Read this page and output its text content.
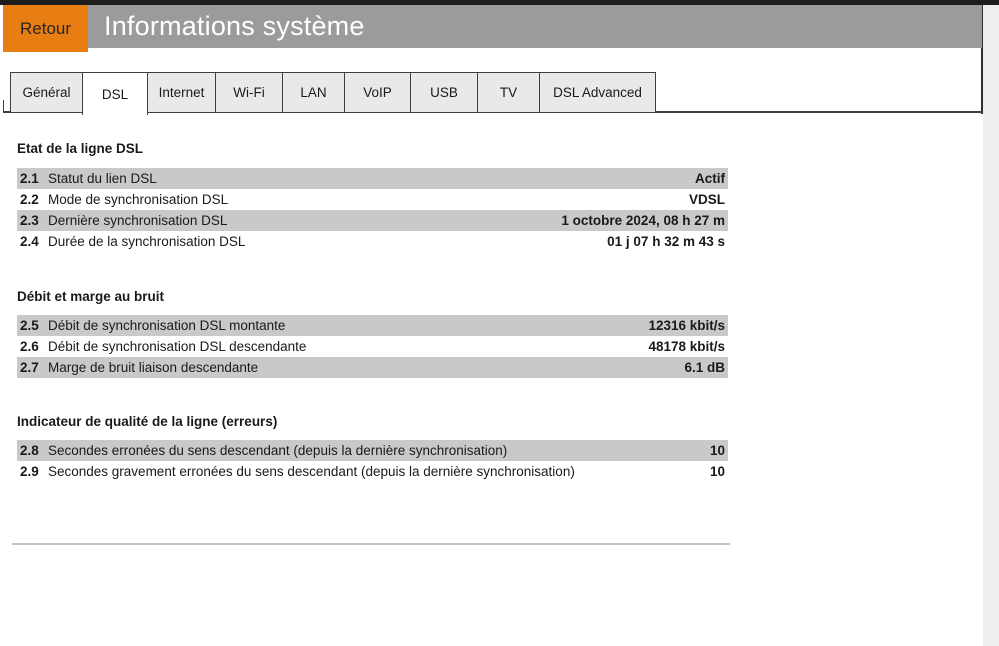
Informations système
Retour
Général	DSL	Internet	Wi-Fi	LAN	VoIP	USB	TV	DSL Advanced
Etat de la ligne DSL
2.1 Statut du lien DSL	Actif
2.2 Mode de synchronisation DSL	VDSL
2.3 Dernière synchronisation DSL	1 octobre 2024, 08 h 27 m
2.4 Durée de la synchronisation DSL	01 j 07 h 32 m 43 s
Débit et marge au bruit
2.5 Débit de synchronisation DSL montante	12316 kbit/s
2.6 Débit de synchronisation DSL descendante	48178 kbit/s
2.7 Marge de bruit liaison descendante	6.1 dB
Indicateur de qualité de la ligne (erreurs)
2.8 Secondes erronées du sens descendant (depuis la dernière synchronisation)	10
2.9 Secondes gravement erronées du sens descendant (depuis la dernière synchronisation)	10
